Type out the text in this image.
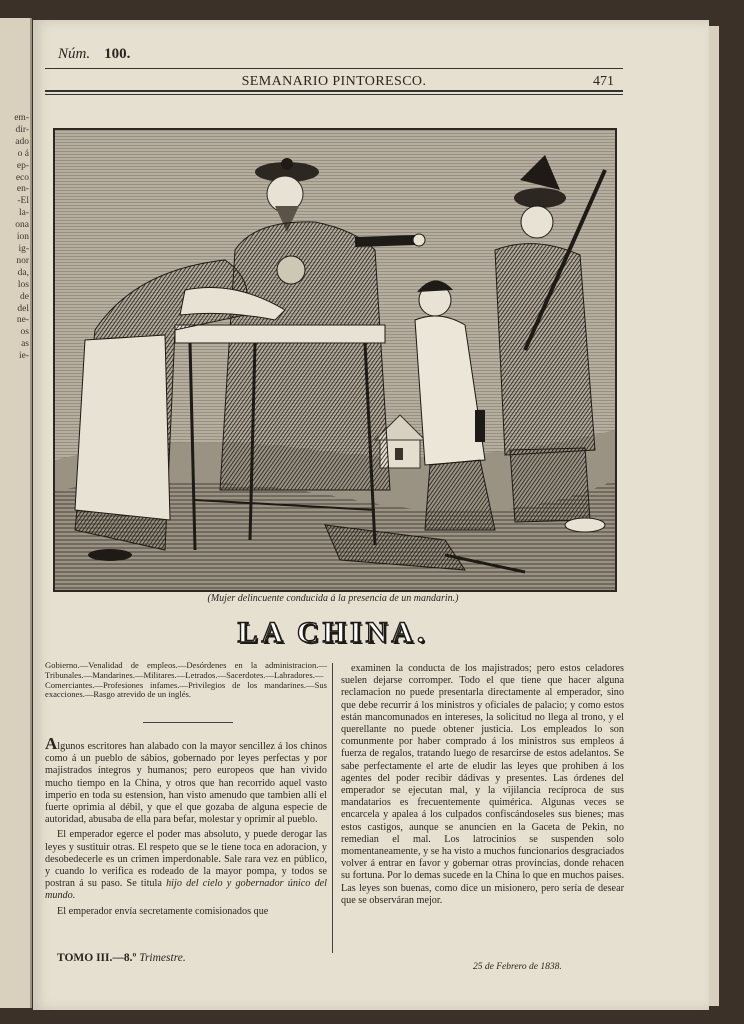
em-
dir-
ado
o á
ep-
eco
en-
-El
la-
ona
ion
ig-
nor
da,
los
de
del
ne-
os
as
ie-
Núm. 100.
SEMANARIO PINTORESCO.	471
(Mujer delincuente conducida á la presencia de un mandarin.)
LA CHINA.
Gobierno.—Venalidad de empleos.—Desórdenes en la administracion.—Tribunales.—Mandarines.—Militares.—Letrados.—Sacerdotes.—Labradores.—Comerciantes.—Profesiones infames.—Privilegios de los mandarines.—Sus exacciones.—Rasgo atrevido de un inglés.

Algunos escritores han alabado con la mayor sencillez á los chinos como á un pueblo de sábios, gobernado por leyes perfectas y por majistrados íntegros y humanos; pero europeos que han vivido mucho tiempo en la China, y otros que han recorrido aquel vasto imperio en toda su estension, han visto amenudo que tambien allí el fuerte oprimia al débil, y que el que gozaba de alguna especie de autoridad, abusaba de ella para befar, molestar y oprimir al pueblo.

El emperador egerce el poder mas absoluto, y puede derogar las leyes y sustituir otras. El respeto que se le tiene toca en adoracion, y desobedecerle es un crimen imperdonable. Sale rara vez en público, y cuando lo verifica es rodeado de la mayor pompa, y todos se postran á su paso. Se titula hijo del cielo y gobernador único del mundo.

El emperador envía secretamente comisionados que

examinen la conducta de los majistrados; pero estos celadores suelen dejarse corromper. Todo el que tiene que hacer alguna reclamacion no puede presentarla directamente al emperador, sino que debe recurrir á los ministros y oficiales de palacio; y como estos están mancomunados en intereses, la solicitud no llega al trono, y el querellante no puede obtener justicia. Los empleados lo son comunmente por haber comprado á los ministros sus empleos á fuerza de regalos, tratando luego de resarcirse de estos adelantos. Se sabe perfectamente el arte de eludir las leyes que prohiben á los agentes del poder recibir dádivas y presentes. Las órdenes del emperador se ejecutan mal, y la vijilancia recíproca de sus mandatarios es frecuentemente quimérica. Algunas veces se encarcela y apalea á los culpados confiscándoseles sus bienes; mas estos castigos, aunque se anuncien en la Gaceta de Pekin, no remedian el mal. Los latrocinios se suspenden solo momentaneamente, y se ha visto a muchos funcionarios desgraciados volver á entrar en favor y gobernar otras provincias, donde rehacen su fortuna. Por lo demas sucede en la China lo que en muchos paises. Las leyes son buenas, como dice un misionero, pero sería de desear que se observáran mejor.

TOMO III.—8.º Trimestre.
25 de Febrero de 1838.
